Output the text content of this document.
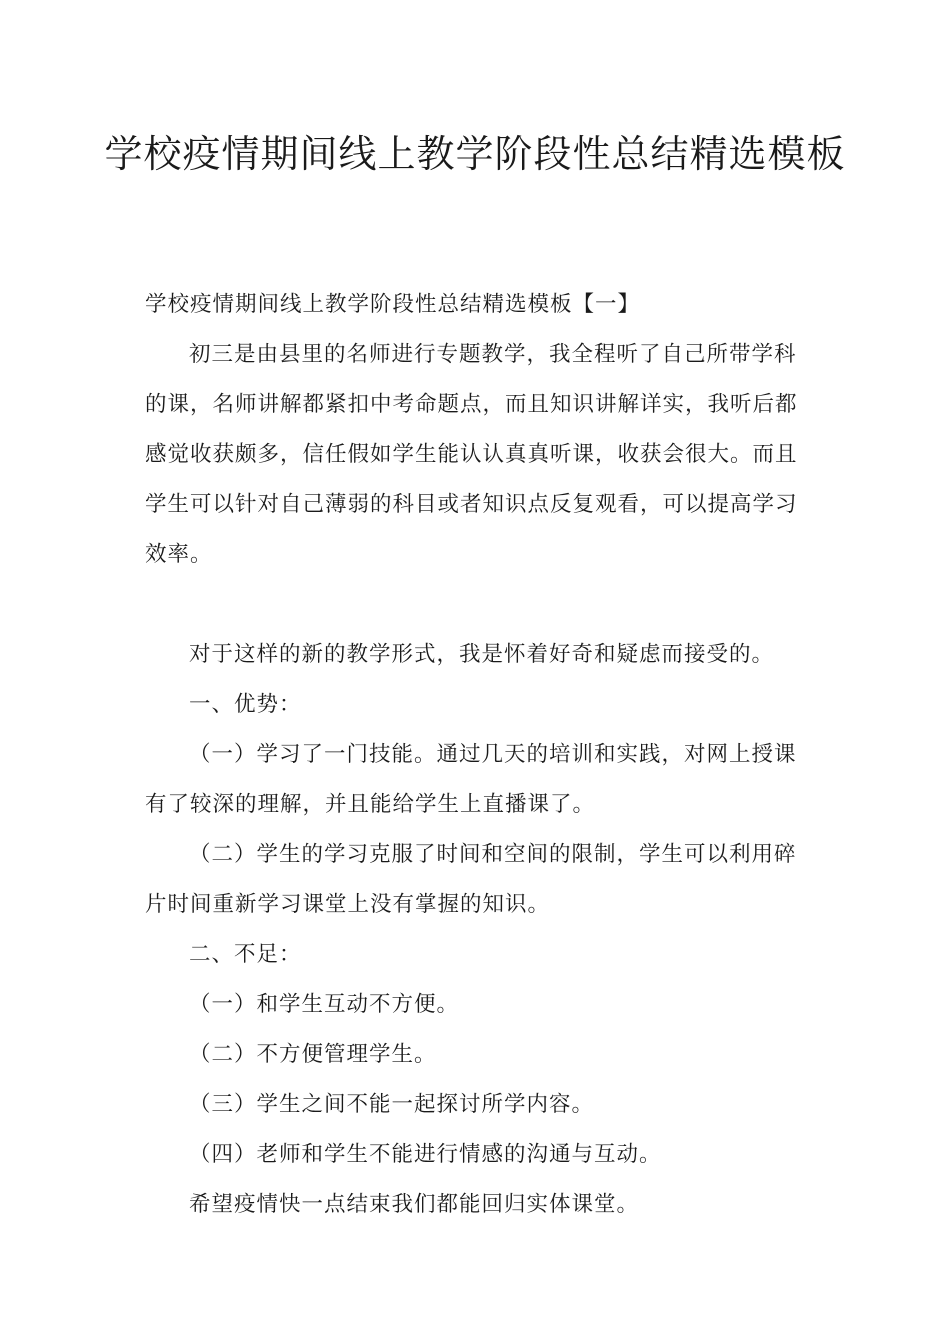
学校疫情期间线上教学阶段性总结精选模板

学校疫情期间线上教学阶段性总结精选模板【一】

初三是由县里的名师进行专题教学，我全程听了自己所带学科的课，名师讲解都紧扣中考命题点，而且知识讲解详实，我听后都感觉收获颇多，信任假如学生能认认真真听课，收获会很大。而且学生可以针对自己薄弱的科目或者知识点反复观看，可以提高学习效率。

对于这样的新的教学形式，我是怀着好奇和疑虑而接受的。

一、优势：

（一）学习了一门技能。通过几天的培训和实践，对网上授课有了较深的理解，并且能给学生上直播课了。

（二）学生的学习克服了时间和空间的限制，学生可以利用碎片时间重新学习课堂上没有掌握的知识。

二、不足：

（一）和学生互动不方便。

（二）不方便管理学生。

（三）学生之间不能一起探讨所学内容。

（四）老师和学生不能进行情感的沟通与互动。

希望疫情快一点结束我们都能回归实体课堂。
